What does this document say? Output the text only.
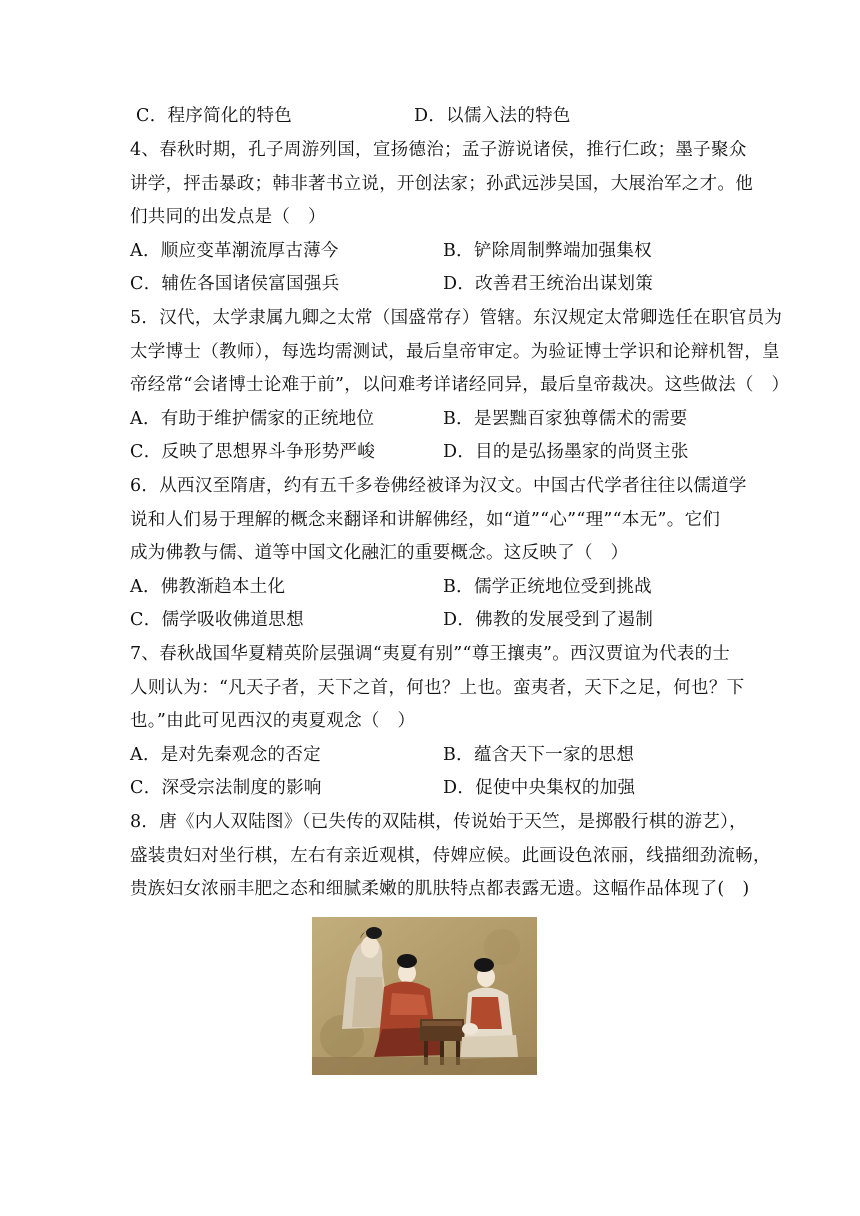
C．程序简化的特色	D．以儒入法的特色
4、春秋时期，孔子周游列国，宣扬德治；孟子游说诸侯，推行仁政；墨子聚众
讲学，抨击暴政；韩非著书立说，开创法家；孙武远涉吴国，大展治军之才。他
们共同的出发点是（　）
A．顺应变革潮流厚古薄今	B．铲除周制弊端加强集权
C．辅佐各国诸侯富国强兵	D．改善君王统治出谋划策
5．汉代，太学隶属九卿之太常（国盛常存）管辖。东汉规定太常卿选任在职官员为
太学博士（教师），每选均需测试，最后皇帝审定。为验证博士学识和论辩机智，皇
帝经常“会诸博士论难于前”，以问难考详诸经同异，最后皇帝裁决。这些做法（　）
A．有助于维护儒家的正统地位	B．是罢黜百家独尊儒术的需要
C．反映了思想界斗争形势严峻	D．目的是弘扬墨家的尚贤主张
6．从西汉至隋唐，约有五千多卷佛经被译为汉文。中国古代学者往往以儒道学
说和人们易于理解的概念来翻译和讲解佛经，如“道”“心”“理”“本无”。它们
成为佛教与儒、道等中国文化融汇的重要概念。这反映了（　）
A．佛教渐趋本土化	B．儒学正统地位受到挑战
C．儒学吸收佛道思想	D．佛教的发展受到了遏制
7、春秋战国华夏精英阶层强调“夷夏有别”“尊王攘夷”。西汉贾谊为代表的士
人则认为：“凡天子者，天下之首，何也？上也。蛮夷者，天下之足，何也？下
也。”由此可见西汉的夷夏观念（　）
A．是对先秦观念的否定	B．蕴含天下一家的思想
C．深受宗法制度的影响	D．促使中央集权的加强
8．唐《内人双陆图》（已失传的双陆棋，传说始于天竺，是掷骰行棋的游艺），
盛装贵妇对坐行棋，左右有亲近观棋，侍婢应候。此画设色浓丽，线描细劲流畅，
贵族妇女浓丽丰肥之态和细腻柔嫩的肌肤特点都表露无遗。这幅作品体现了(　)
